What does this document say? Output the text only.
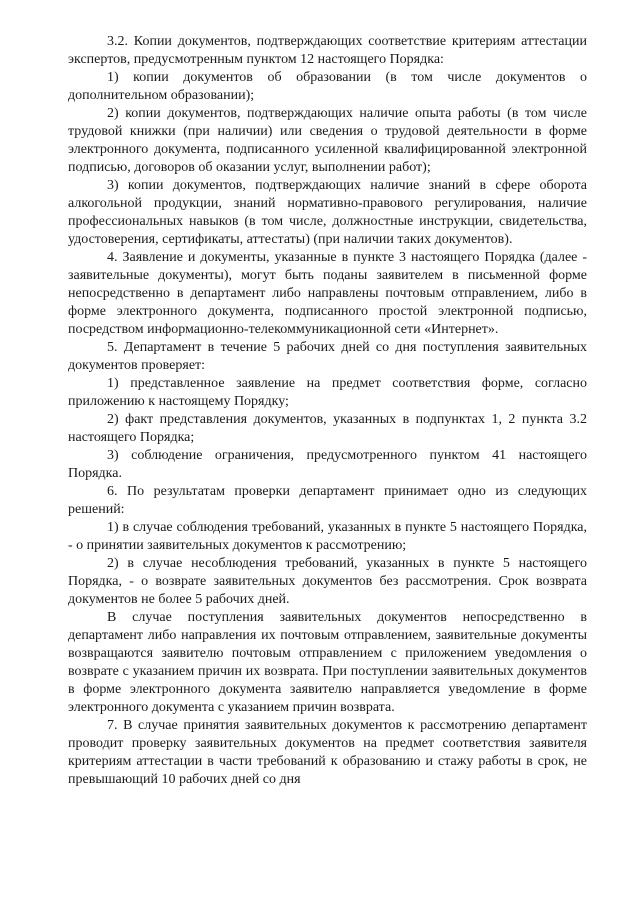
3.2. Копии документов, подтверждающих соответствие критериям аттестации экспертов, предусмотренным пунктом 12 настоящего Порядка:

1) копии документов об образовании (в том числе документов о дополнительном образовании);

2) копии документов, подтверждающих наличие опыта работы (в том числе трудовой книжки (при наличии) или сведения о трудовой деятельности в форме электронного документа, подписанного усиленной квалифицированной электронной подписью, договоров об оказании услуг, выполнении работ);

3) копии документов, подтверждающих наличие знаний в сфере оборота алкогольной продукции, знаний нормативно-правового регулирования, наличие профессиональных навыков (в том числе, должностные инструкции, свидетельства, удостоверения, сертификаты, аттестаты) (при наличии таких документов).

4. Заявление и документы, указанные в пункте 3 настоящего Порядка (далее - заявительные документы), могут быть поданы заявителем в письменной форме непосредственно в департамент либо направлены почтовым отправлением, либо в форме электронного документа, подписанного простой электронной подписью, посредством информационно-телекоммуникационной сети «Интернет».

5. Департамент в течение 5 рабочих дней со дня поступления заявительных документов проверяет:

1) представленное заявление на предмет соответствия форме, согласно приложению к настоящему Порядку;

2) факт представления документов, указанных в подпунктах 1, 2 пункта 3.2 настоящего Порядка;

3) соблюдение ограничения, предусмотренного пунктом 41 настоящего Порядка.

6. По результатам проверки департамент принимает одно из следующих решений:

1) в случае соблюдения требований, указанных в пункте 5 настоящего Порядка, - о принятии заявительных документов к рассмотрению;

2) в случае несоблюдения требований, указанных в пункте 5 настоящего Порядка, - о возврате заявительных документов без рассмотрения. Срок возврата документов не более 5 рабочих дней.

В случае поступления заявительных документов непосредственно в департамент либо направления их почтовым отправлением, заявительные документы возвращаются заявителю почтовым отправлением с приложением уведомления о возврате с указанием причин их возврата. При поступлении заявительных документов в форме электронного документа заявителю направляется уведомление в форме электронного документа с указанием причин возврата.

7. В случае принятия заявительных документов к рассмотрению департамент проводит проверку заявительных документов на предмет соответствия заявителя критериям аттестации в части требований к образованию и стажу работы в срок, не превышающий 10 рабочих дней со дня
